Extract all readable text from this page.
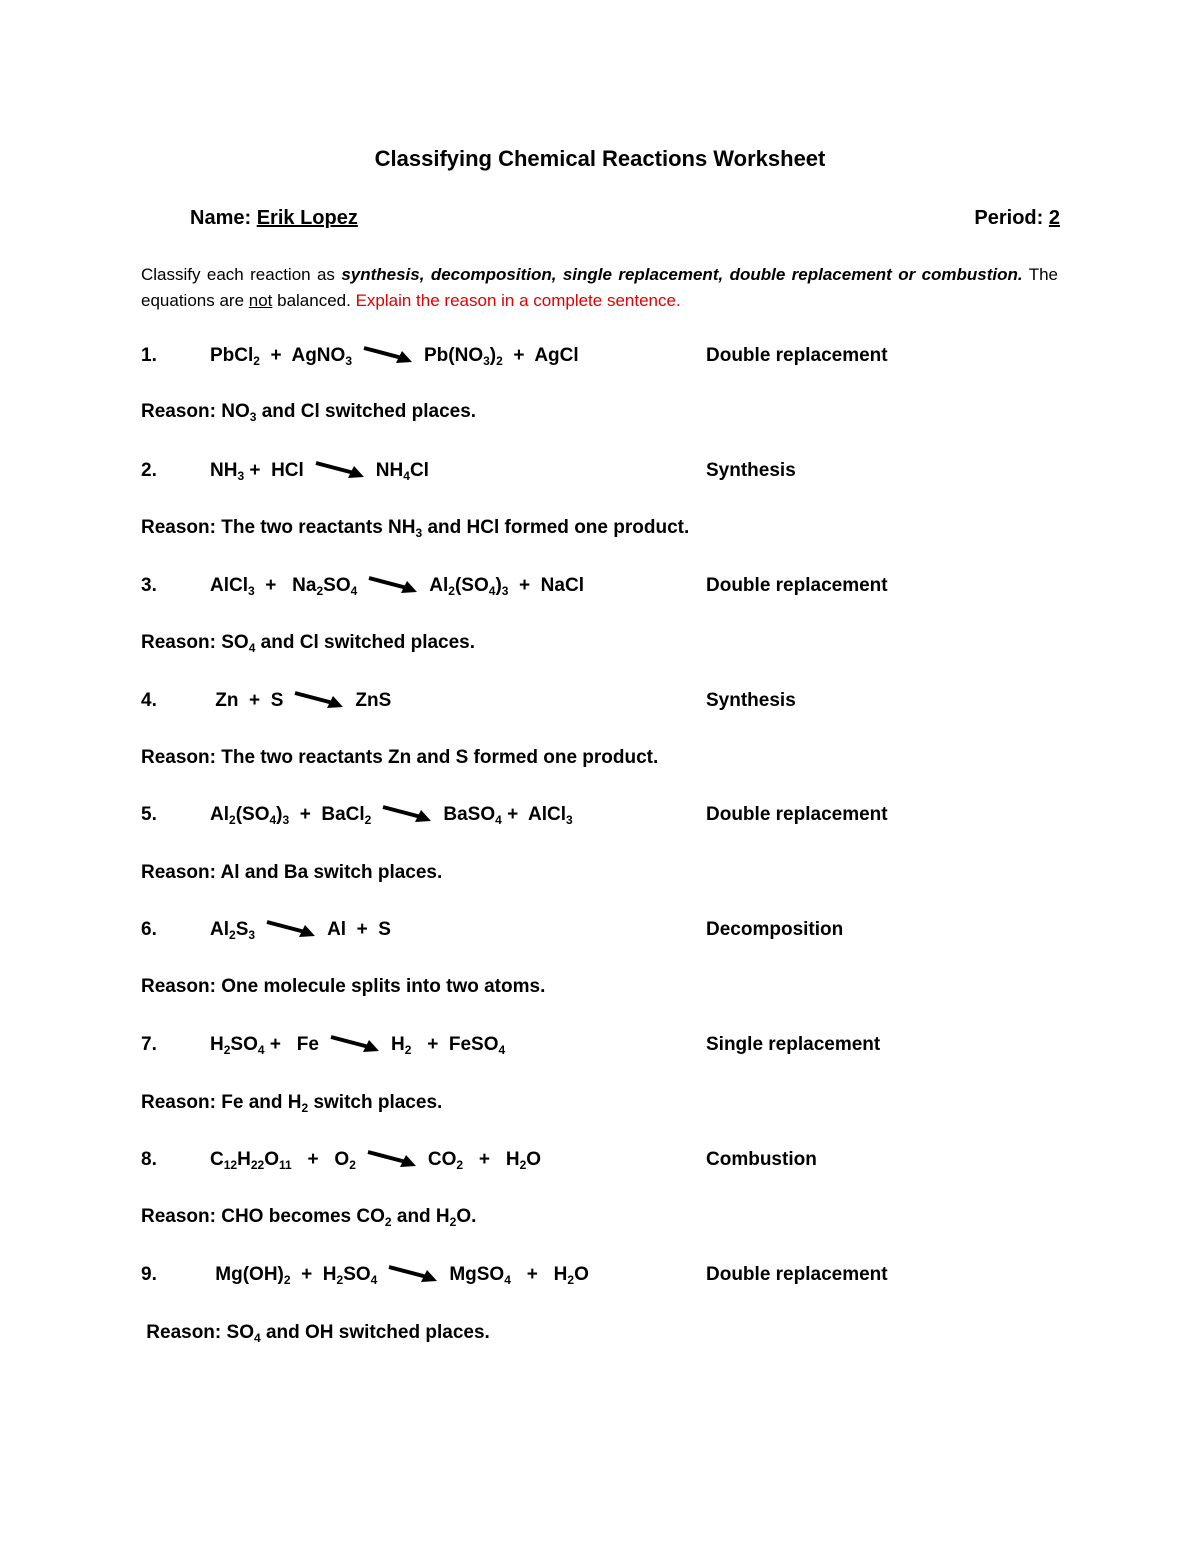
Classifying Chemical Reactions Worksheet
Name: Erik Lopez	Period: 2
Classify each reaction as synthesis, decomposition, single replacement, double replacement or combustion. The equations are not balanced. Explain the reason in a complete sentence.
1.	PbCl$_2$  +  AgNO$_3$	$Pb(NO_3)_2$  +  AgCl	Double replacement
Reason: $NO_3$ and Cl switched places.
2.	$NH_3$ +  HCl	$NH_4Cl$	Synthesis
Reason: The two reactants $NH_3$ and HCl formed one product.
3.	AlCl$_3$  +   $Na_2SO_4$	$Al_2(SO_4)_3$  +  NaCl	Double replacement
Reason: $SO_4$ and Cl switched places.
4.	Zn  +  S	ZnS	Synthesis
Reason: The two reactants Zn and S formed one product.
5.	$Al_2(SO_4)_3$  +  BaCl$_2$	BaSO$_4$ +  AlCl$_3$	Double replacement
Reason: Al and Ba switch places.
6.	$Al_2S_3$	Al  +  S	Decomposition
Reason: One molecule splits into two atoms.
7.	$H_2SO_4 + Fe$	$H_2$   +  FeSO$_4$	Single replacement
Reason: Fe and $H_2$ switch places.
8.	$C_{12}H_{22}O_{11} + O_2$	$CO_2 + H_2O$	Combustion
Reason: CHO becomes $CO_2$ and $H_2O$.
9.	$Mg(OH)_2 + H_2SO_4$	MgSO$_4$   +   $H_2O$	Double replacement
Reason: $SO_4$ and OH switched places.
